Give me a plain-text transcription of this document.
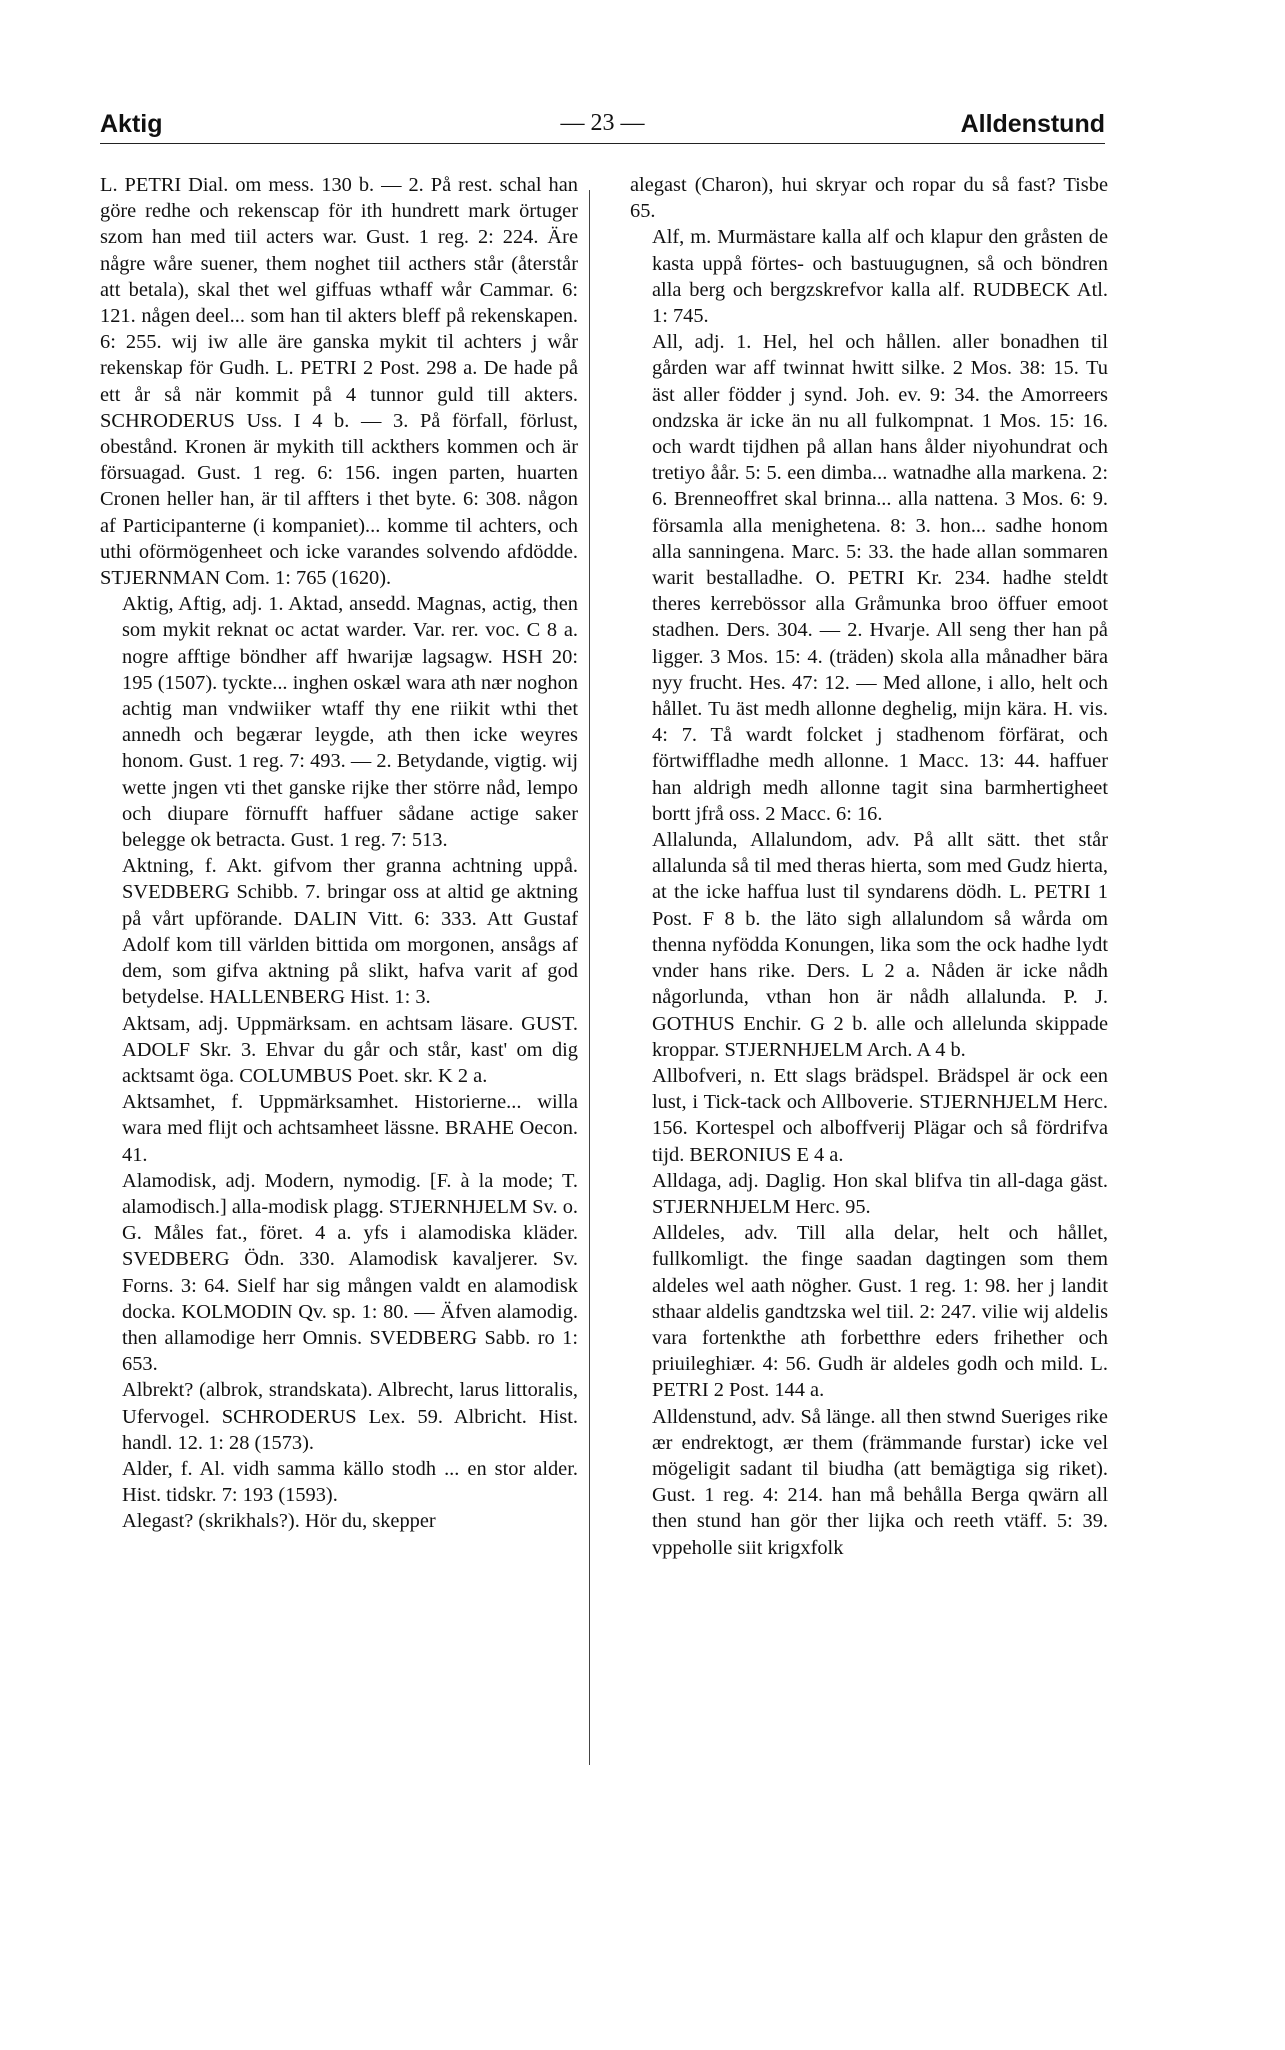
Aktig	— 23 —	Alldenstund

L. PETRI Dial. om mess. 130 b. — 2. På rest. schal han göre redhe och rekenscap för ith hundrett mark örtuger szom han med tiil acters war. Gust. 1 reg. 2: 224. Äre någre wåre suener, them noghet tiil acthers står (återstår att betala), skal thet wel giffuas wthaff wår Cammar. 6: 121. någen deel... som han til akters bleff på rekenskapen. 6: 255. wij iw alle äre ganska mykit til achters j wår rekenskap för Gudh. L. PETRI 2 Post. 298 a. De hade på ett år så när kommit på 4 tunnor guld till akters. SCHRODERUS Uss. I 4 b. — 3. På förfall, förlust, obestånd. Kronen är mykith till ackthers kommen och är försuagad. Gust. 1 reg. 6: 156. ingen parten, huarten Cronen heller han, är til affters i thet byte. 6: 308. någon af Participanterne (i kompaniet)... komme til achters, och uthi oförmögenheet och icke varandes solvendo afdödde. STJERNMAN Com. 1: 765 (1620).

Aktig, Aftig, adj. 1. Aktad, ansedd. Magnas, actig, then som mykit reknat oc actat warder. Var. rer. voc. C 8 a. nogre afftige böndher aff hwarijæ lagsagw. HSH 20: 195 (1507). tyckte... inghen oskæl wara ath nær noghon achtig man vndwiiker wtaff thy ene riikit wthi thet annedh och begærar leygde, ath then icke weyres honom. Gust. 1 reg. 7: 493. — 2. Betydande, vigtig. wij wette jngen vti thet ganske rijke ther större nåd, lempo och diupare förnufft haffuer sådane actige saker belegge ok betracta. Gust. 1 reg. 7: 513.

Aktning, f. Akt. gifvom ther granna achtning uppå. SVEDBERG Schibb. 7. bringar oss at altid ge aktning på vårt upförande. DALIN Vitt. 6: 333. Att Gustaf Adolf kom till världen bittida om morgonen, ansågs af dem, som gifva aktning på slikt, hafva varit af god betydelse. HALLENBERG Hist. 1: 3.

Aktsam, adj. Uppmärksam. en achtsam läsare. GUST. ADOLF Skr. 3. Ehvar du går och står, kast' om dig acktsamt öga. COLUMBUS Poet. skr. K 2 a.

Aktsamhet, f. Uppmärksamhet. Historierne... willa wara med flijt och achtsamheet lässne. BRAHE Oecon. 41.

Alamodisk, adj. Modern, nymodig. [F. à la mode; T. alamodisch.] alla-modisk plagg. STJERNHJELM Sv. o. G. Måles fat., föret. 4 a. yfs i alamodiska kläder. SVEDBERG Ödn. 330. Alamodisk kavaljerer. Sv. Forns. 3: 64. Sielf har sig mången valdt en alamodisk docka. KOLMODIN Qv. sp. 1: 80. — Äfven alamodig. then allamodige herr Omnis. SVEDBERG Sabb. ro 1: 653.

Albrekt? (albrok, strandskata). Albrecht, larus littoralis, Ufervogel. SCHRODERUS Lex. 59. Albricht. Hist. handl. 12. 1: 28 (1573).

Alder, f. Al. vidh samma källo stodh ... en stor alder. Hist. tidskr. 7: 193 (1593).

Alegast? (skrikhals?). Hör du, skepper

alegast (Charon), hui skryar och ropar du så fast? Tisbe 65.

Alf, m. Murmästare kalla alf och klapur den gråsten de kasta uppå förtes- och bastuugugnen, så och böndren alla berg och bergzskrefvor kalla alf. RUDBECK Atl. 1: 745.

All, adj. 1. Hel, hel och hållen. aller bonadhen til gården war aff twinnat hwitt silke. 2 Mos. 38: 15. Tu äst aller födder j synd. Joh. ev. 9: 34. the Amorreers ondzska är icke än nu all fulkompnat. 1 Mos. 15: 16. och wardt tijdhen på allan hans ålder niyohundrat och tretiyo åår. 5: 5. een dimba... watnadhe alla markena. 2: 6. Brenneoffret skal brinna... alla nattena. 3 Mos. 6: 9. församla alla menighetena. 8: 3. hon... sadhe honom alla sanningena. Marc. 5: 33. the hade allan sommaren warit bestalladhe. O. PETRI Kr. 234. hadhe steldt theres kerrebössor alla Gråmunka broo öffuer emoot stadhen. Ders. 304. — 2. Hvarje. All seng ther han på ligger. 3 Mos. 15: 4. (träden) skola alla månadher bära nyy frucht. Hes. 47: 12. — Med allone, i allo, helt och hållet. Tu äst medh allonne deghelig, mijn kära. H. vis. 4: 7. Tå wardt folcket j stadhenom förfärat, och förtwiffladhe medh allonne. 1 Macc. 13: 44. haffuer han aldrigh medh allonne tagit sina barmhertigheet bortt jfrå oss. 2 Macc. 6: 16.

Allalunda, Allalundom, adv. På allt sätt. thet står allalunda så til med theras hierta, som med Gudz hierta, at the icke haffua lust til syndarens dödh. L. PETRI 1 Post. F 8 b. the läto sigh allalundom så wårda om thenna nyfödda Konungen, lika som the ock hadhe lydt vnder hans rike. Ders. L 2 a. Nåden är icke nådh någorlunda, vthan hon är nådh allalunda. P. J. GOTHUS Enchir. G 2 b. alle och allelunda skippade kroppar. STJERNHJELM Arch. A 4 b.

Allbofveri, n. Ett slags brädspel. Brädspel är ock een lust, i Tick-tack och Allboverie. STJERNHJELM Herc. 156. Kortespel och alboffverij Plägar och så fördrifva tijd. BERONIUS E 4 a.

Alldaga, adj. Daglig. Hon skal blifva tin all-daga gäst. STJERNHJELM Herc. 95.

Alldeles, adv. Till alla delar, helt och hållet, fullkomligt. the finge saadan dagtingen som them aldeles wel aath nögher. Gust. 1 reg. 1: 98. her j landit sthaar aldelis gandtzska wel tiil. 2: 247. vilie wij aldelis vara fortenkthe ath forbetthre eders frihether och priuileghiær. 4: 56. Gudh är aldeles godh och mild. L. PETRI 2 Post. 144 a.

Alldenstund, adv. Så länge. all then stwnd Sueriges rike ær endrektogt, ær them (främmande furstar) icke vel mögeligit sadant til biudha (att bemägtiga sig riket). Gust. 1 reg. 4: 214. han må behålla Berga qwärn all then stund han gör ther lijka och reeth vtäff. 5: 39. vppeholle siit krigxfolk
